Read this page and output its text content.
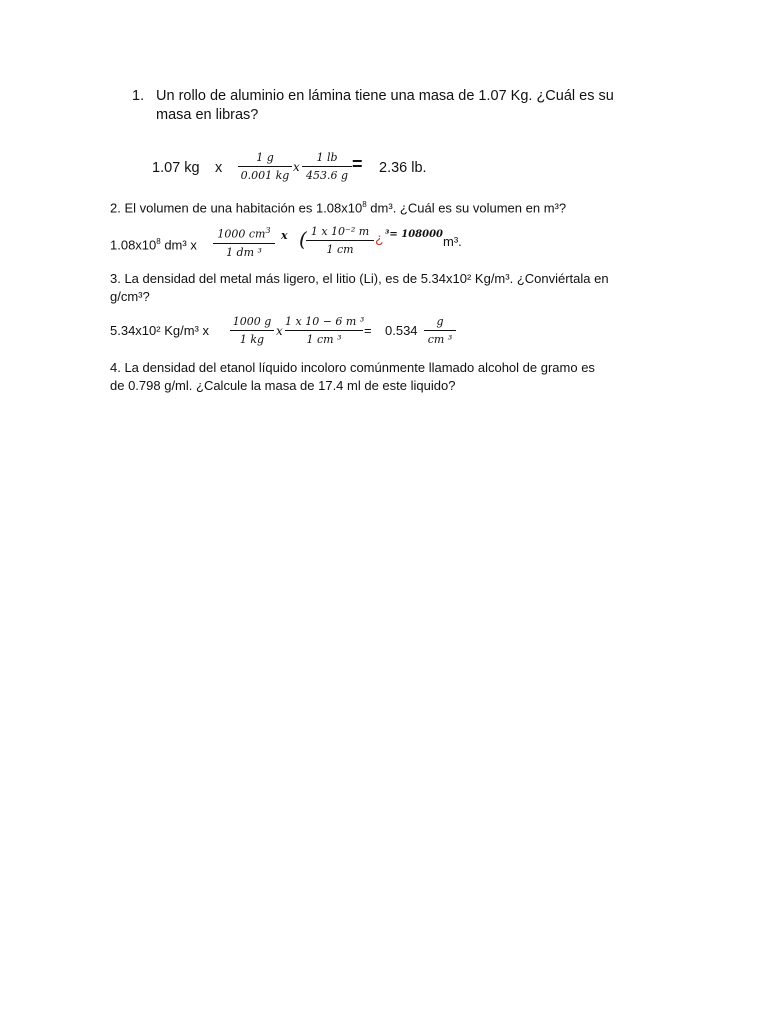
1. Un rollo de aluminio en lámina tiene una masa de 1.07 Kg. ¿Cuál es su
masa en libras?
1.07 kg x
1 g
0.001 kg
x
1 lb
453.6 g
= 2.36 lb.
2. El volumen de una habitación es $1.08x10^8$ dm³. ¿Cuál es su volumen en m³?
$1.08x10^8$ dm³ x
1000 $cm^3$
1 dm ³
x ( 1 x 10⁻² m
1 cm
¿ ³= 108000 m³.
3. La densidad del metal más ligero, el litio (Li), es de 5.34x10² Kg/m³. ¿Conviértala en
g/cm³?
5.34x10² Kg/m³ x
1000 g
1 kg
x
1 x 10 − 6 m ³
1 cm ³
= 0.534
g
cm ³
4. La densidad del etanol líquido incoloro comúnmente llamado alcohol de gramo es
de 0.798 g/ml. ¿Calcule la masa de 17.4 ml de este liquido?
